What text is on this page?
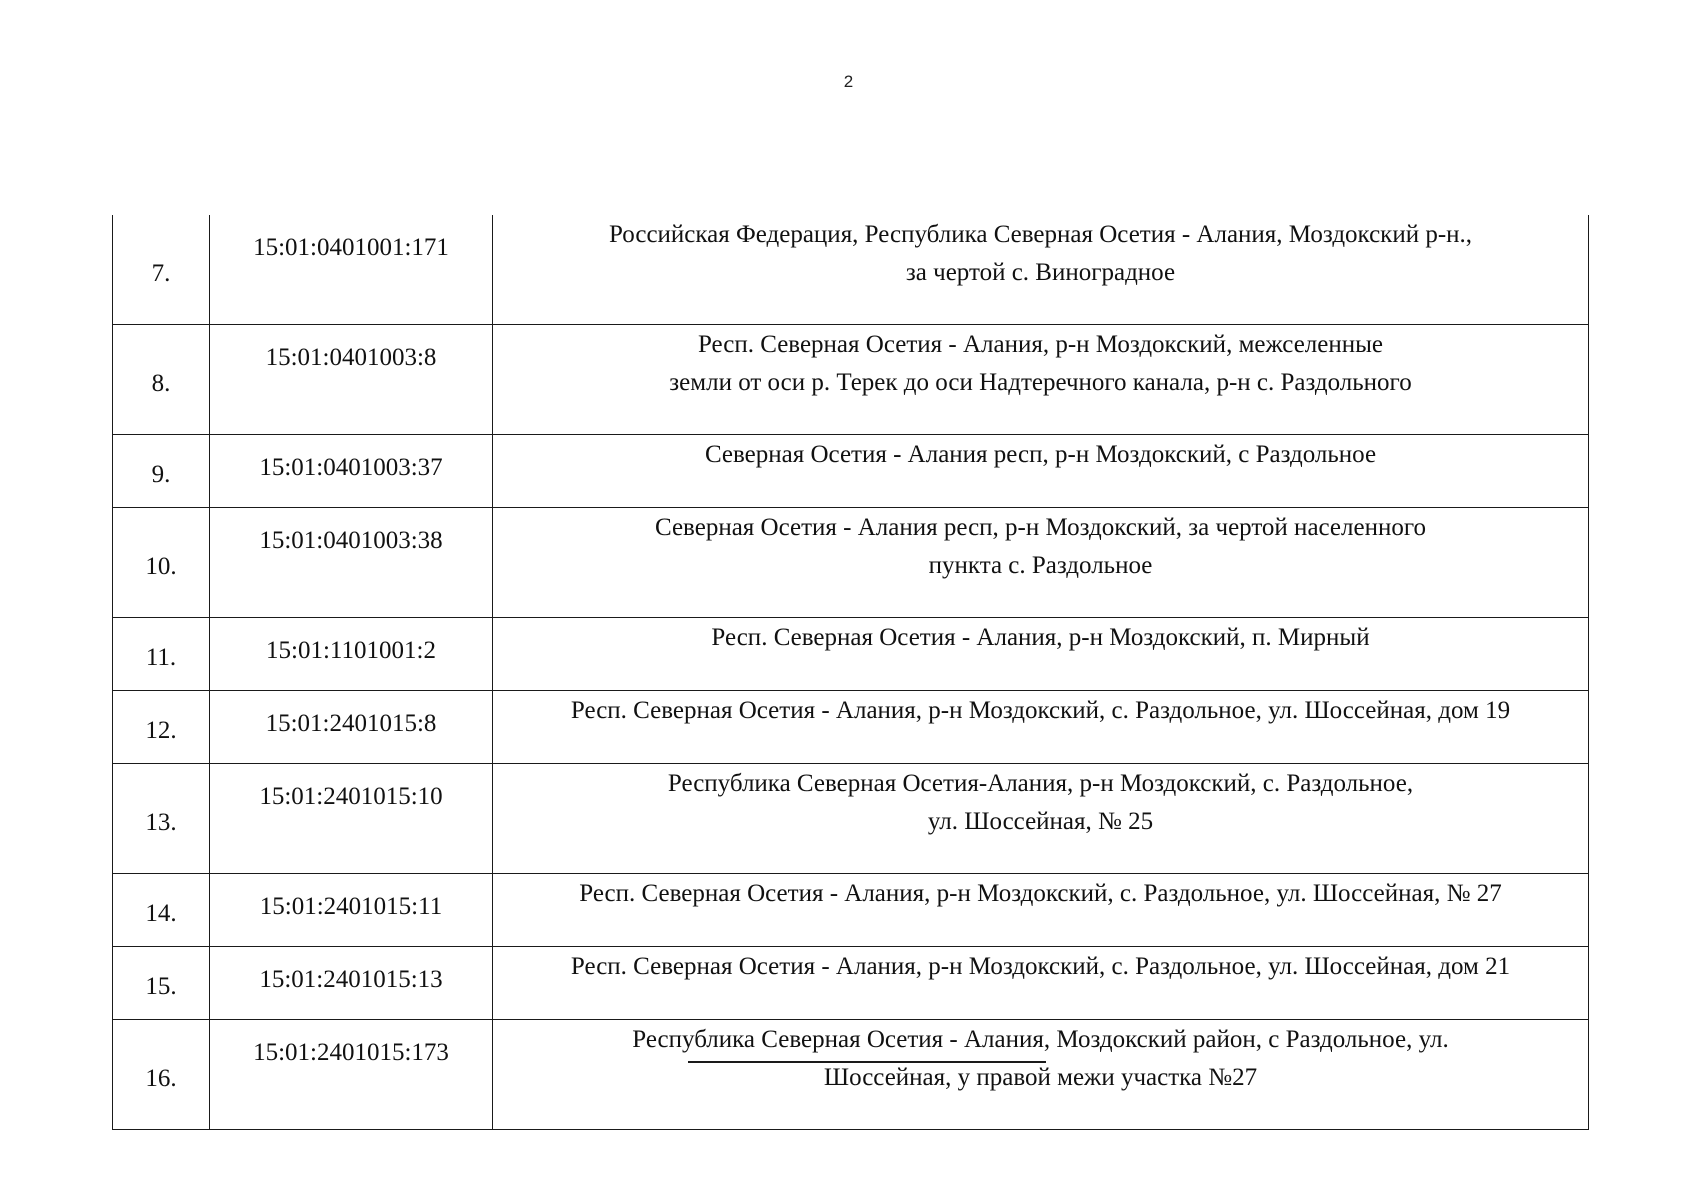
2
7.	15:01:0401001:171	Российская Федерация, Республика Северная Осетия - Алания, Моздокский р-н.,
за чертой с. Виноградное

8.	15:01:0401003:8	Респ. Северная Осетия - Алания, р-н Моздокский, межселенные
земли от оси р. Терек до оси Надтеречного канала, р-н с. Раздольного

9.	15:01:0401003:37	Северная Осетия - Алания респ, р-н Моздокский, с Раздольное

10.	15:01:0401003:38	Северная Осетия - Алания респ, р-н Моздокский, за чертой населенного
пункта с. Раздольное

11.	15:01:1101001:2	Респ. Северная Осетия - Алания, р-н Моздокский, п. Мирный

12.	15:01:2401015:8	Респ. Северная Осетия - Алания, р-н Моздокский, с. Раздольное, ул. Шоссейная, дом 19

13.	15:01:2401015:10	Республика Северная Осетия-Алания, р-н Моздокский, с. Раздольное,
ул. Шоссейная, № 25

14.	15:01:2401015:11	Респ. Северная Осетия - Алания, р-н Моздокский, с. Раздольное, ул. Шоссейная, № 27

15.	15:01:2401015:13	Респ. Северная Осетия - Алания, р-н Моздокский, с. Раздольное, ул. Шоссейная, дом 21

16.	15:01:2401015:173	Республика Северная Осетия - Алания, Моздокский район, с Раздольное, ул.
Шоссейная, у правой межи участка №27
